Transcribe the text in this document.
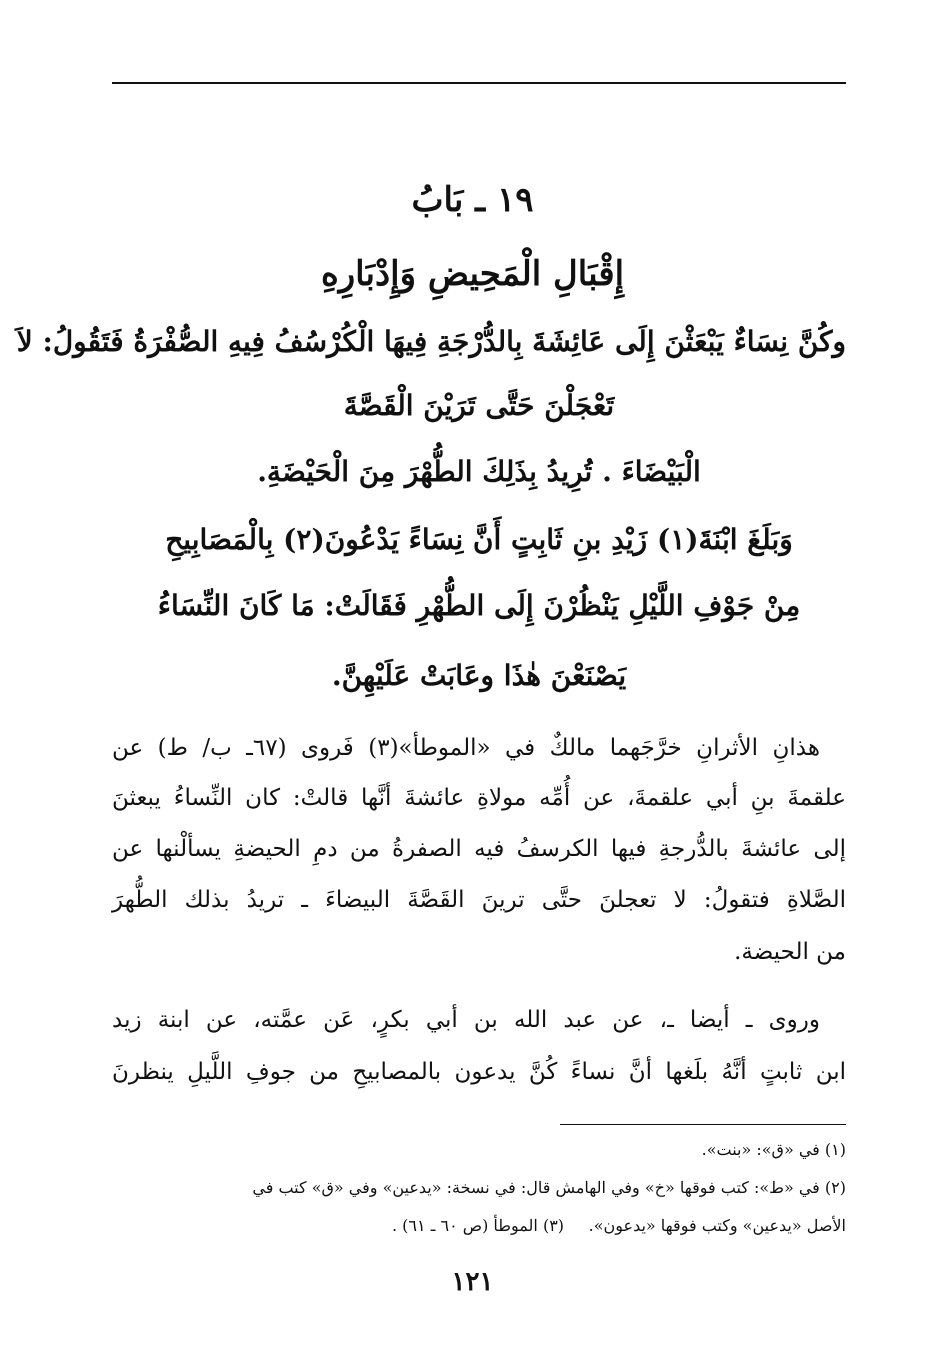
١٩ ـ بَابُ
إِقْبَالِ الْمَحِيضِ وَإِدْبَارِهِ
وكُنَّ نِسَاءٌ يَبْعَثْنَ إِلَى عَائِشَةَ بِالدُّرْجَةِ فِيهَا الْكُرْسُفُ فِيهِ الصُّفْرَةُ فَتَقُولُ: لاَ
تَعْجَلْنَ حَتَّى تَرَيْنَ الْقَصَّةَ
الْبَيْضَاءَ . تُرِيدُ بِذَلِكَ الطُّهْرَ مِنَ الْحَيْضَةِ.
وَبَلَغَ ابْنَةَ(١) زَيْدِ بنِ ثَابِتٍ أَنَّ نِسَاءً يَدْعُونَ(٢) بِالْمَصَابِيحِ
مِنْ جَوْفِ اللَّيْلِ يَنْظُرْنَ إِلَى الطُّهْرِ فَقَالَتْ: مَا كَانَ النِّسَاءُ
يَصْنَعْنَ هٰذَا وعَابَتْ عَلَيْهِنَّ.
هذانِ الأثرانِ خرَّجَهما مالكٌ في «الموطأ»(٣) فَروى (٦٧ـ ب/ ط) عن
علقمةَ بنِ أبي علقمةَ، عن أُمِّه مولاةِ عائشةَ أنَّها قالتْ: كان النِّساءُ يبعثنَ
إلى عائشةَ بالدُّرجةِ فيها الكرسفُ فيه الصفرةُ من دمِ الحيضةِ يسألْنها عن
الصَّلاةِ فتقولُ: لا تعجلنَ حتَّى ترينَ القَصَّةَ البيضاءَ ـ تريدُ بذلك الطُّهرَ
من الحيضة.
وروى ـ أيضا ـ، عن عبد الله بن أبي بكرٍ، عَن عمَّته، عن ابنة زيد
ابن ثابتٍ أنَّهُ بلَغها أنَّ نساءً كُنَّ يدعون بالمصابيحِ من جوفِ اللَّيلِ ينظرنَ
(١) في «ق»: «بنت».
(٢) في «ط»: كتب فوقها «خ» وفي الهامش قال: في نسخة: «يدعين» وفي «ق» كتب في
الأصل «يدعين» وكتب فوقها «يدعون».
(٣) الموطأ (ص ٦٠ ـ ٦١) .
١٢١
